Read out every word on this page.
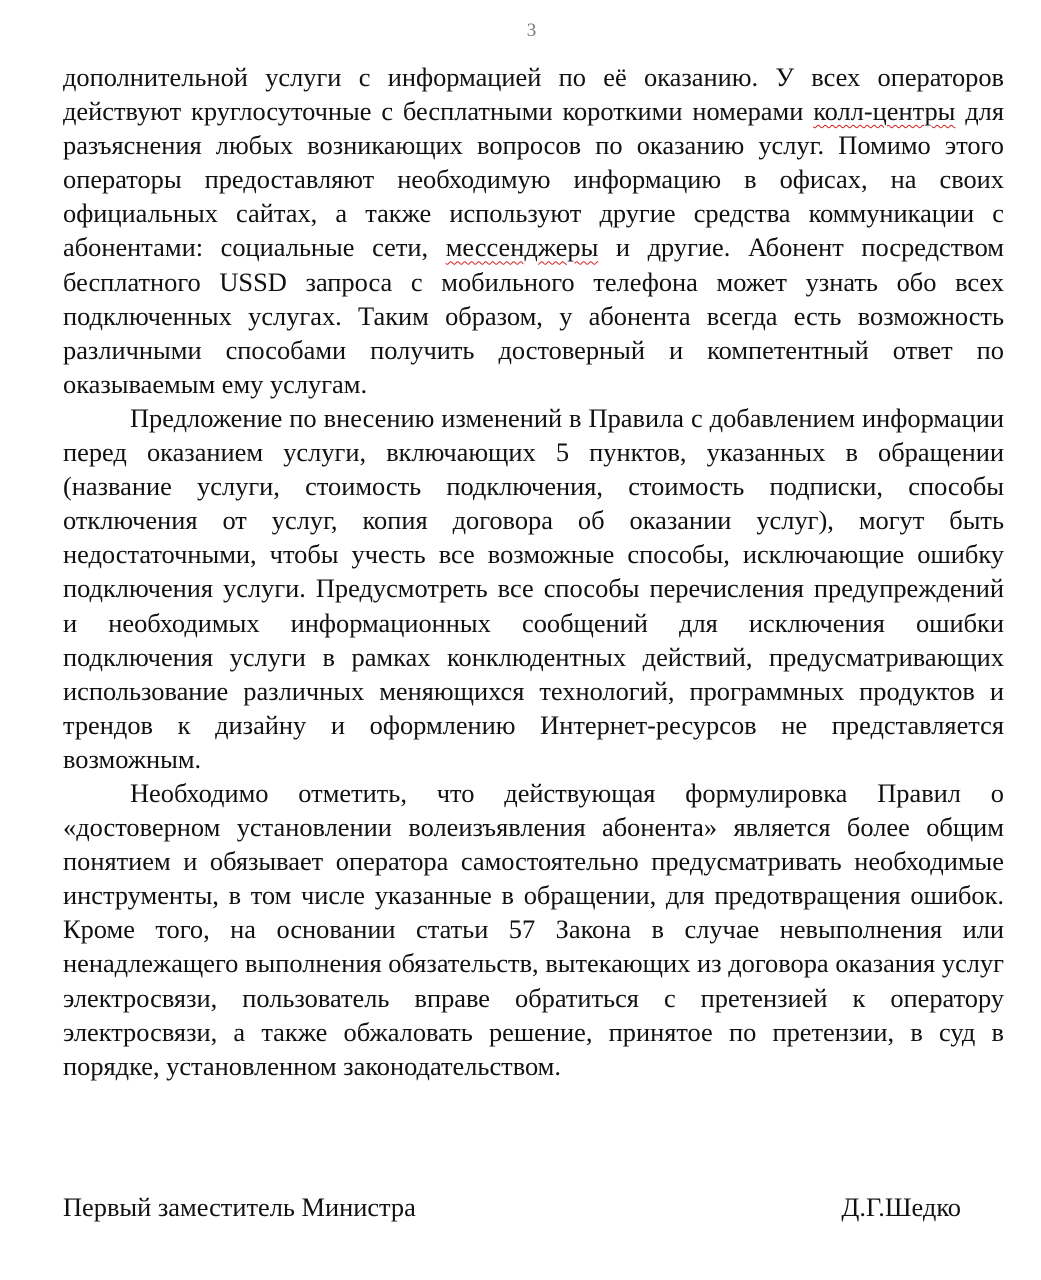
3

дополнительной услуги с информацией по её оказанию. У всех операторов действуют круглосуточные с бесплатными короткими номерами колл-центры для разъяснения любых возникающих вопросов по оказанию услуг. Помимо этого операторы предоставляют необходимую информацию в офисах, на своих официальных сайтах, а также используют другие средства коммуникации с абонентами: социальные сети, мессенджеры и другие. Абонент посредством бесплатного USSD запроса с мобильного телефона может узнать обо всех подключенных услугах. Таким образом, у абонента всегда есть возможность различными способами получить достоверный и компетентный ответ по оказываемым ему услугам.

Предложение по внесению изменений в Правила с добавлением информации перед оказанием услуги, включающих 5 пунктов, указанных в обращении (название услуги, стоимость подключения, стоимость подписки, способы отключения от услуг, копия договора об оказании услуг), могут быть недостаточными, чтобы учесть все возможные способы, исключающие ошибку подключения услуги. Предусмотреть все способы перечисления предупреждений и необходимых информационных сообщений для исключения ошибки подключения услуги в рамках конклюдентных действий, предусматривающих использование различных меняющихся технологий, программных продуктов и трендов к дизайну и оформлению Интернет-ресурсов не представляется возможным.

Необходимо отметить, что действующая формулировка Правил о «достоверном установлении волеизъявления абонента» является более общим понятием и обязывает оператора самостоятельно предусматривать необходимые инструменты, в том числе указанные в обращении, для предотвращения ошибок. Кроме того, на основании статьи 57 Закона в случае невыполнения или ненадлежащего выполнения обязательств, вытекающих из договора оказания услуг электросвязи, пользователь вправе обратиться с претензией к оператору электросвязи, а также обжаловать решение, принятое по претензии, в суд в порядке, установленном законодательством.

Первый заместитель Министра	Д.Г.Шедко
